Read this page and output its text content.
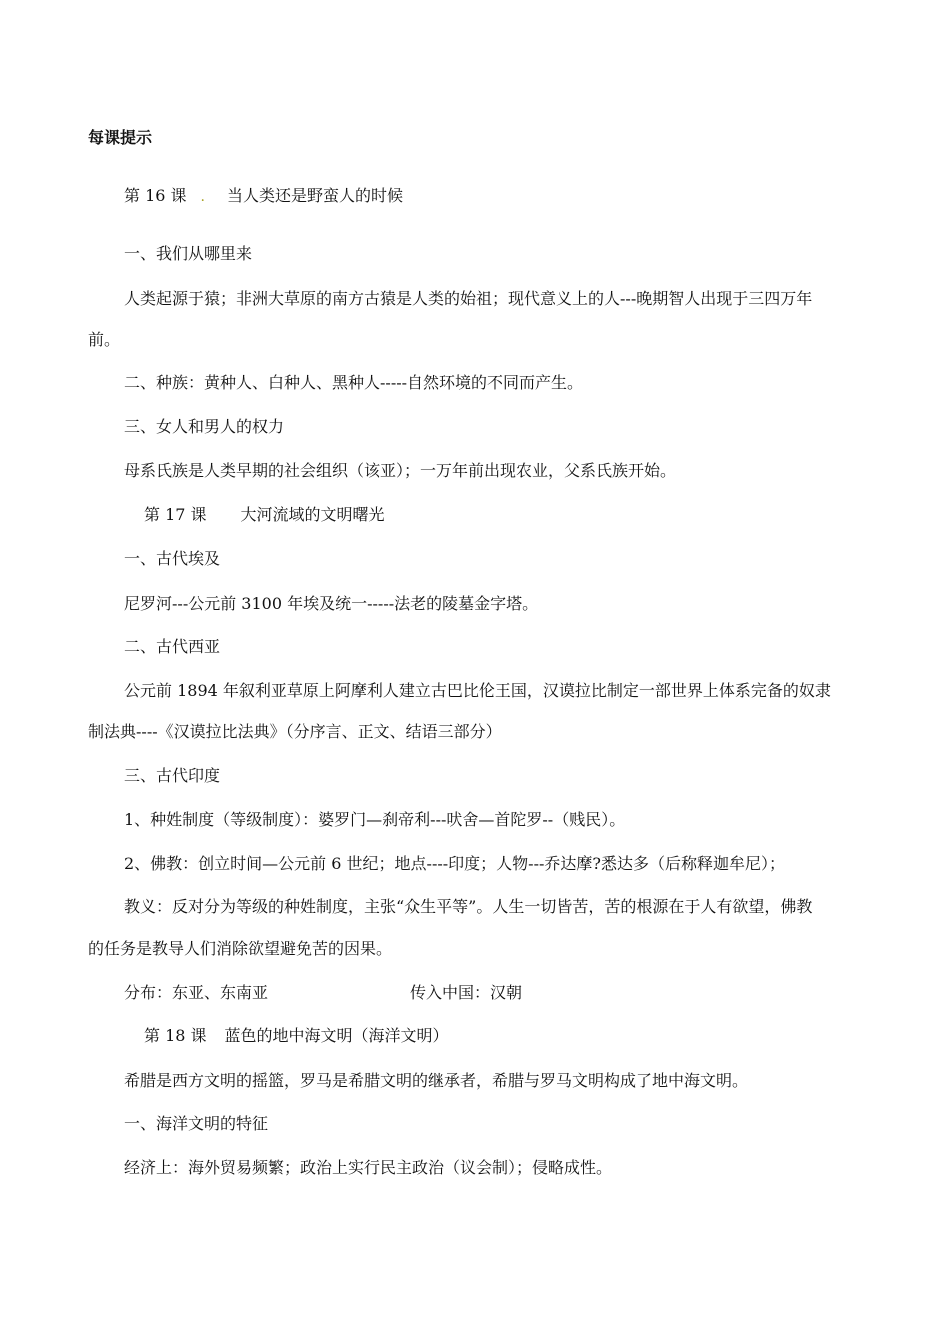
每课提示
第 16 课 . 当人类还是野蛮人的时候
一、我们从哪里来
人类起源于猿；非洲大草原的南方古猿是人类的始祖；现代意义上的人---晚期智人出现于三四万年
前。
二、种族：黄种人、白种人、黑种人-----自然环境的不同而产生。
三、女人和男人的权力
母系氏族是人类早期的社会组织（该亚）；一万年前出现农业，父系氏族开始。
第 17 课 大河流域的文明曙光
一、古代埃及
尼罗河---公元前 3100 年埃及统一-----法老的陵墓金字塔。
二、古代西亚
公元前 1894 年叙利亚草原上阿摩利人建立古巴比伦王国，汉谟拉比制定一部世界上体系完备的奴隶
制法典----《汉谟拉比法典》（分序言、正文、结语三部分）
三、古代印度
1、种姓制度（等级制度）：婆罗门—刹帝利---吠舍—首陀罗--（贱民）。
2、佛教：创立时间—公元前 6 世纪；地点----印度；人物---乔达摩?悉达多（后称释迦牟尼）；
教义：反对分为等级的种姓制度，主张“众生平等”。人生一切皆苦，苦的根源在于人有欲望，佛教
的任务是教导人们消除欲望避免苦的因果。
分布：东亚、东南亚	传入中国：汉朝
第 18 课 蓝色的地中海文明（海洋文明）
希腊是西方文明的摇篮，罗马是希腊文明的继承者，希腊与罗马文明构成了地中海文明。
一、海洋文明的特征
经济上：海外贸易频繁；政治上实行民主政治（议会制）；侵略成性。
